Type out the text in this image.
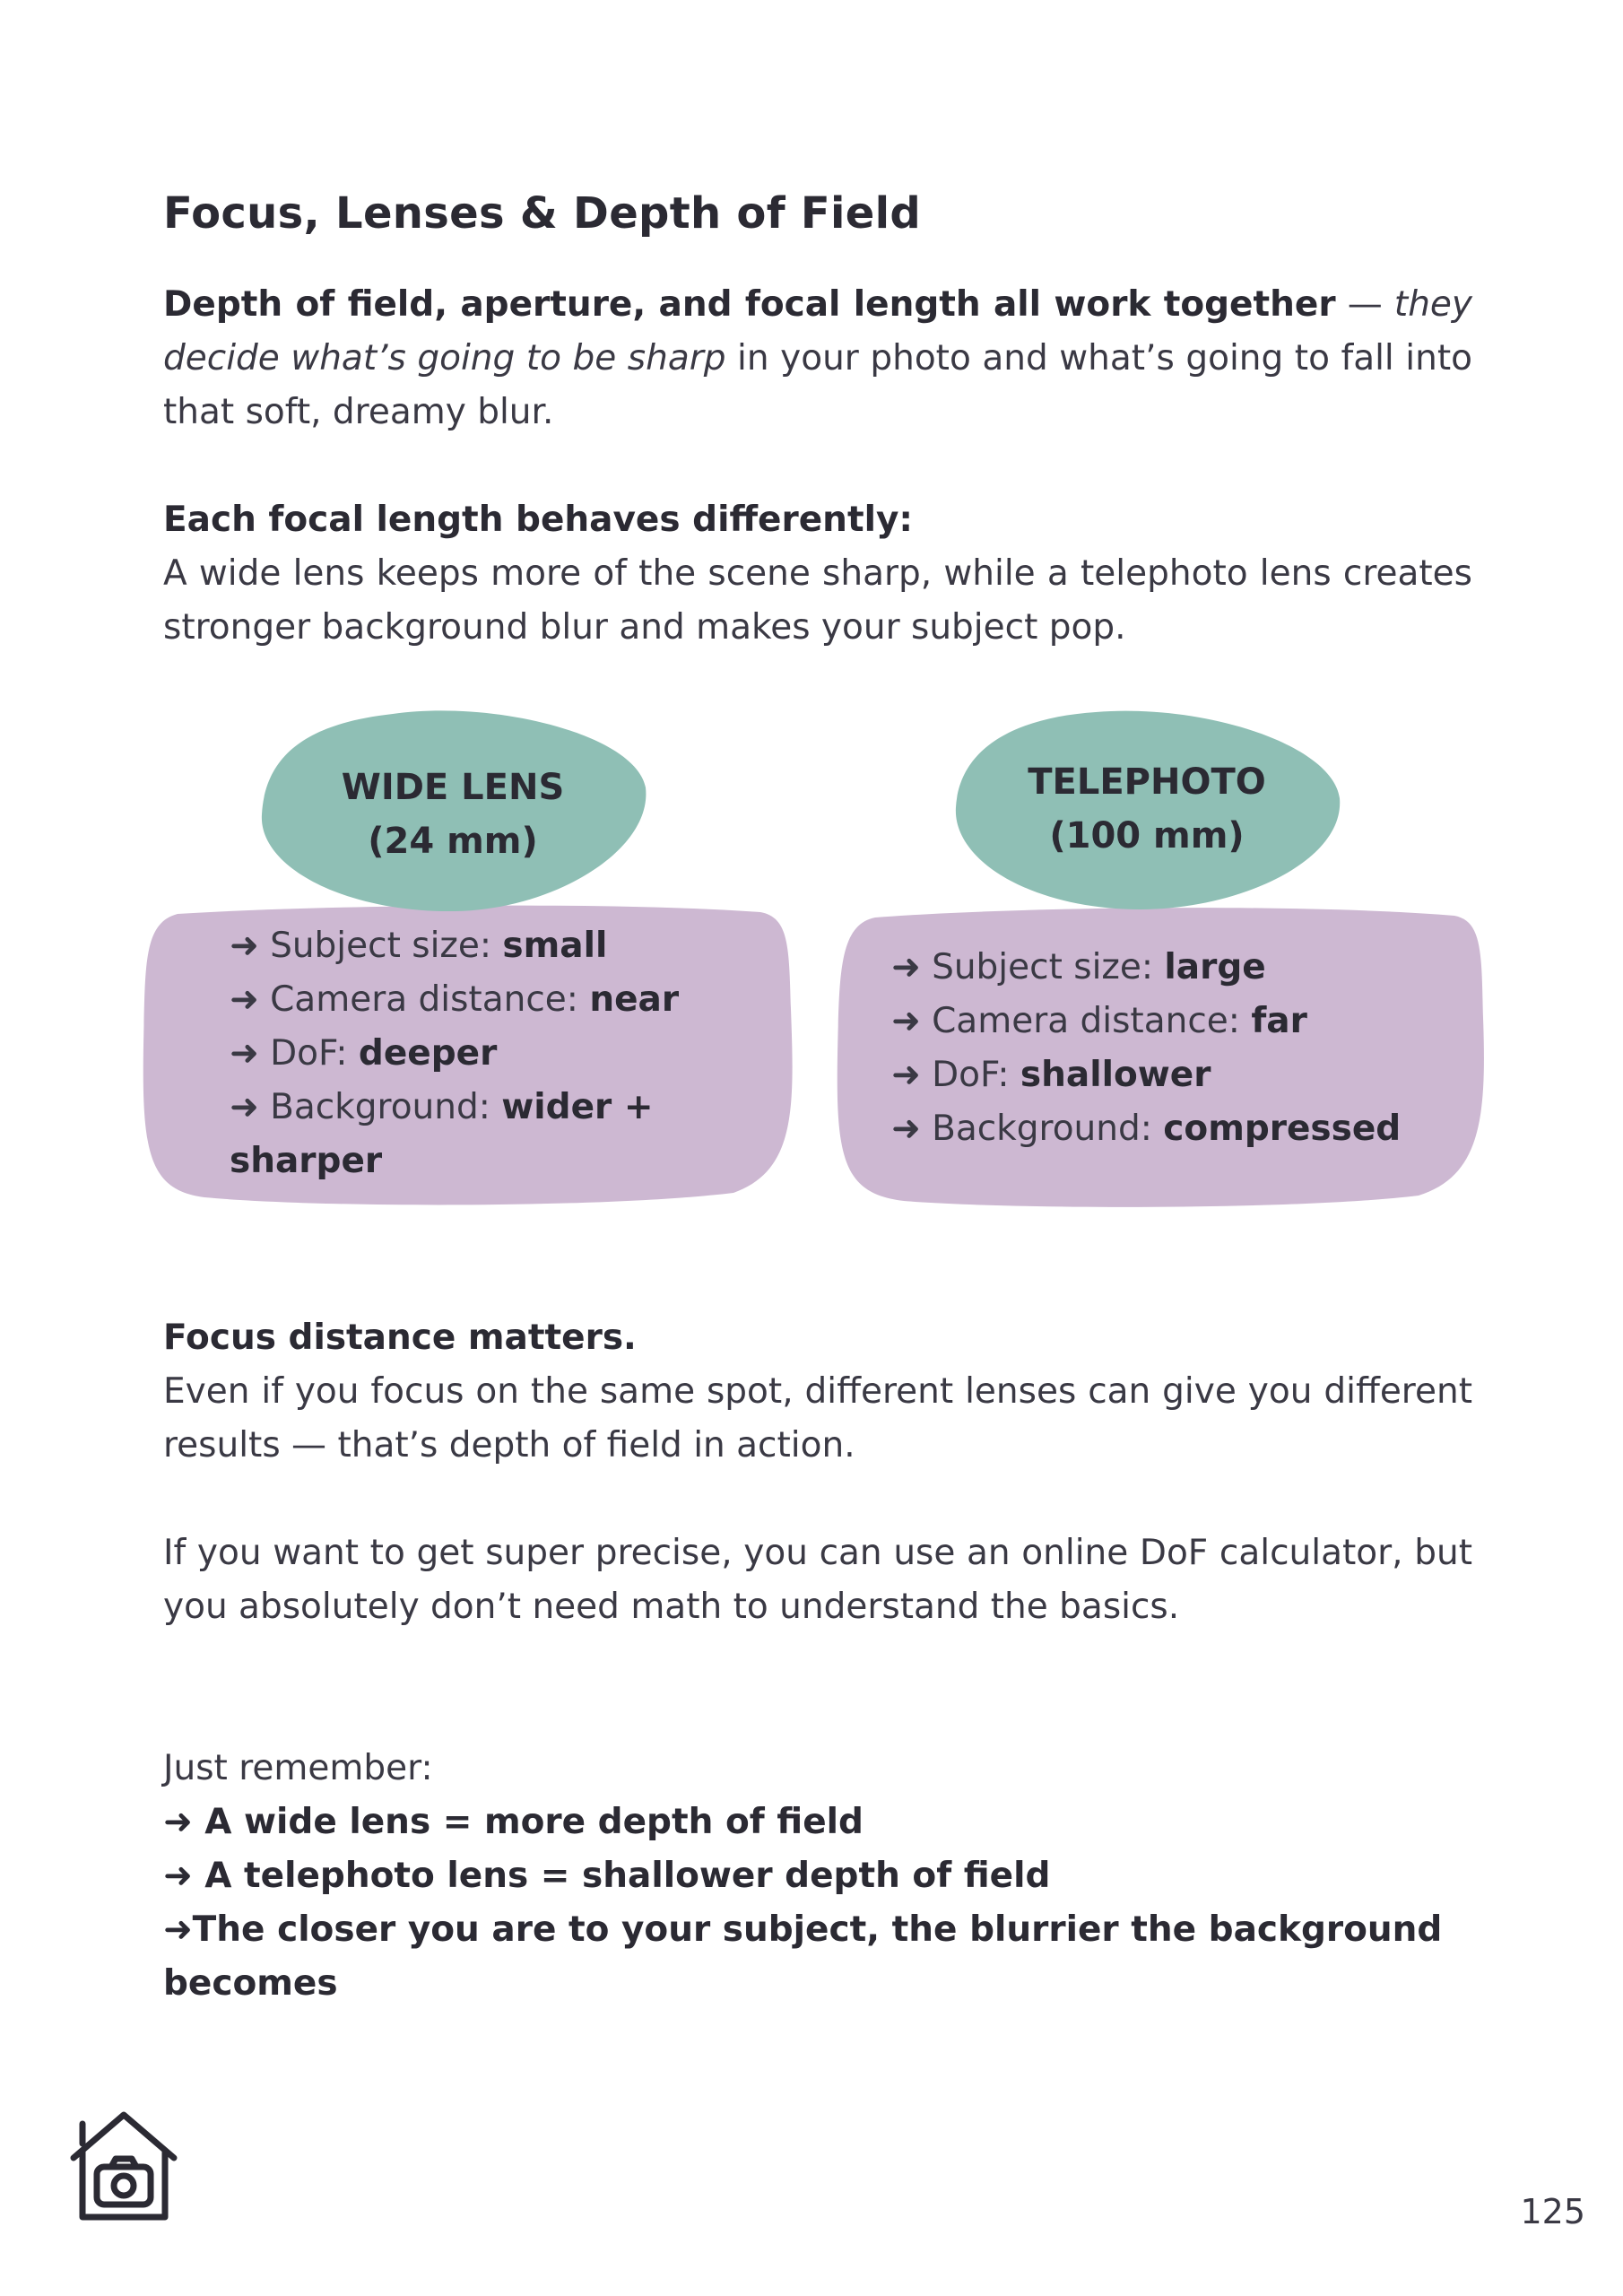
Focus, Lenses & Depth of Field

Depth of field, aperture, and focal length all work together — they decide what’s going to be sharp in your photo and what’s going to fall into that soft, dreamy blur.

Each focal length behaves differently:
A wide lens keeps more of the scene sharp, while a telephoto lens creates stronger background blur and makes your subject pop.

➜ Subject size: small
➜ Camera distance: near
➜ DoF: deeper
➜ Background: wider + sharper
WIDE LENS
(24 mm)
➜ Subject size: large
➜ Camera distance: far
➜ DoF: shallower
➜ Background: compressed
TELEPHOTO
(100 mm)

Focus distance matters.
Even if you focus on the same spot, different lenses can give you different results — that’s depth of field in action.

If you want to get super precise, you can use an online DoF calculator, but you absolutely don’t need math to understand the basics.

Just remember:
➜ A wide lens = more depth of field
➜ A telephoto lens = shallower depth of field
➜The closer you are to your subject, the blurrier the background becomes

125
